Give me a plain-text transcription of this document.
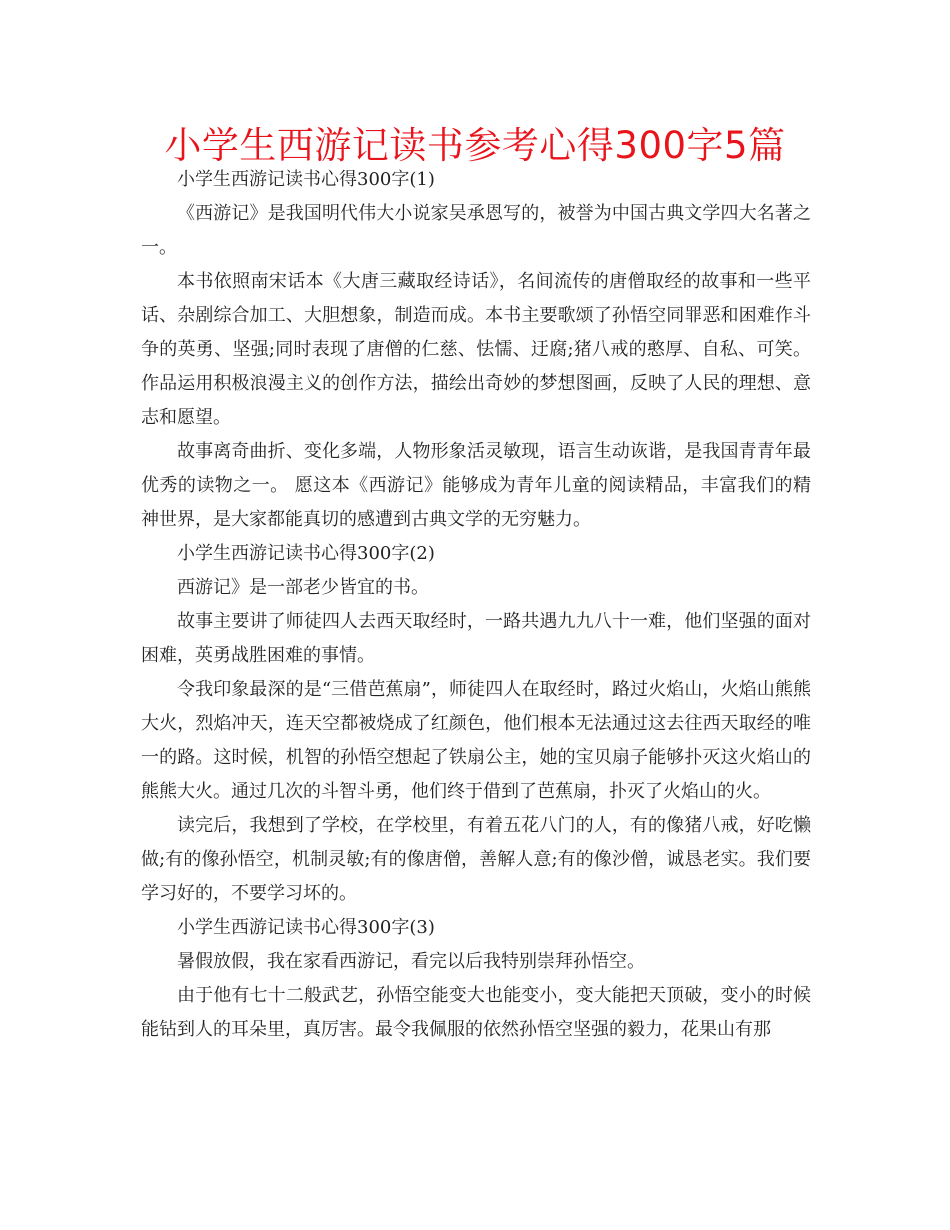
小学生西游记读书参考心得300字5篇

小学生西游记读书心得300字(1)

《西游记》是我国明代伟大小说家吴承恩写的，被誉为中国古典文学四大名著之一。

本书依照南宋话本《大唐三藏取经诗话》，名间流传的唐僧取经的故事和一些平话、杂剧综合加工、大胆想象，制造而成。本书主要歌颂了孙悟空同罪恶和困难作斗争的英勇、坚强;同时表现了唐僧的仁慈、怯懦、迂腐;猪八戒的憨厚、自私、可笑。作品运用积极浪漫主义的创作方法，描绘出奇妙的梦想图画，反映了人民的理想、意志和愿望。

故事离奇曲折、变化多端，人物形象活灵敏现，语言生动诙谐，是我国青青年最优秀的读物之一。 愿这本《西游记》能够成为青年儿童的阅读精品，丰富我们的精神世界，是大家都能真切的感遭到古典文学的无穷魅力。

小学生西游记读书心得300字(2)

西游记》是一部老少皆宜的书。

故事主要讲了师徒四人去西天取经时，一路共遇九九八十一难，他们坚强的面对困难，英勇战胜困难的事情。

令我印象最深的是“三借芭蕉扇”，师徒四人在取经时，路过火焰山，火焰山熊熊大火，烈焰冲天，连天空都被烧成了红颜色，他们根本无法通过这去往西天取经的唯一的路。这时候，机智的孙悟空想起了铁扇公主，她的宝贝扇子能够扑灭这火焰山的熊熊大火。通过几次的斗智斗勇，他们终于借到了芭蕉扇，扑灭了火焰山的火。

读完后，我想到了学校，在学校里，有着五花八门的人，有的像猪八戒，好吃懒做;有的像孙悟空，机制灵敏;有的像唐僧，善解人意;有的像沙僧，诚恳老实。我们要学习好的，不要学习坏的。

小学生西游记读书心得300字(3)

暑假放假，我在家看西游记，看完以后我特别崇拜孙悟空。

由于他有七十二般武艺，孙悟空能变大也能变小，变大能把天顶破，变小的时候能钻到人的耳朵里，真厉害。最令我佩服的依然孙悟空坚强的毅力，花果山有那
